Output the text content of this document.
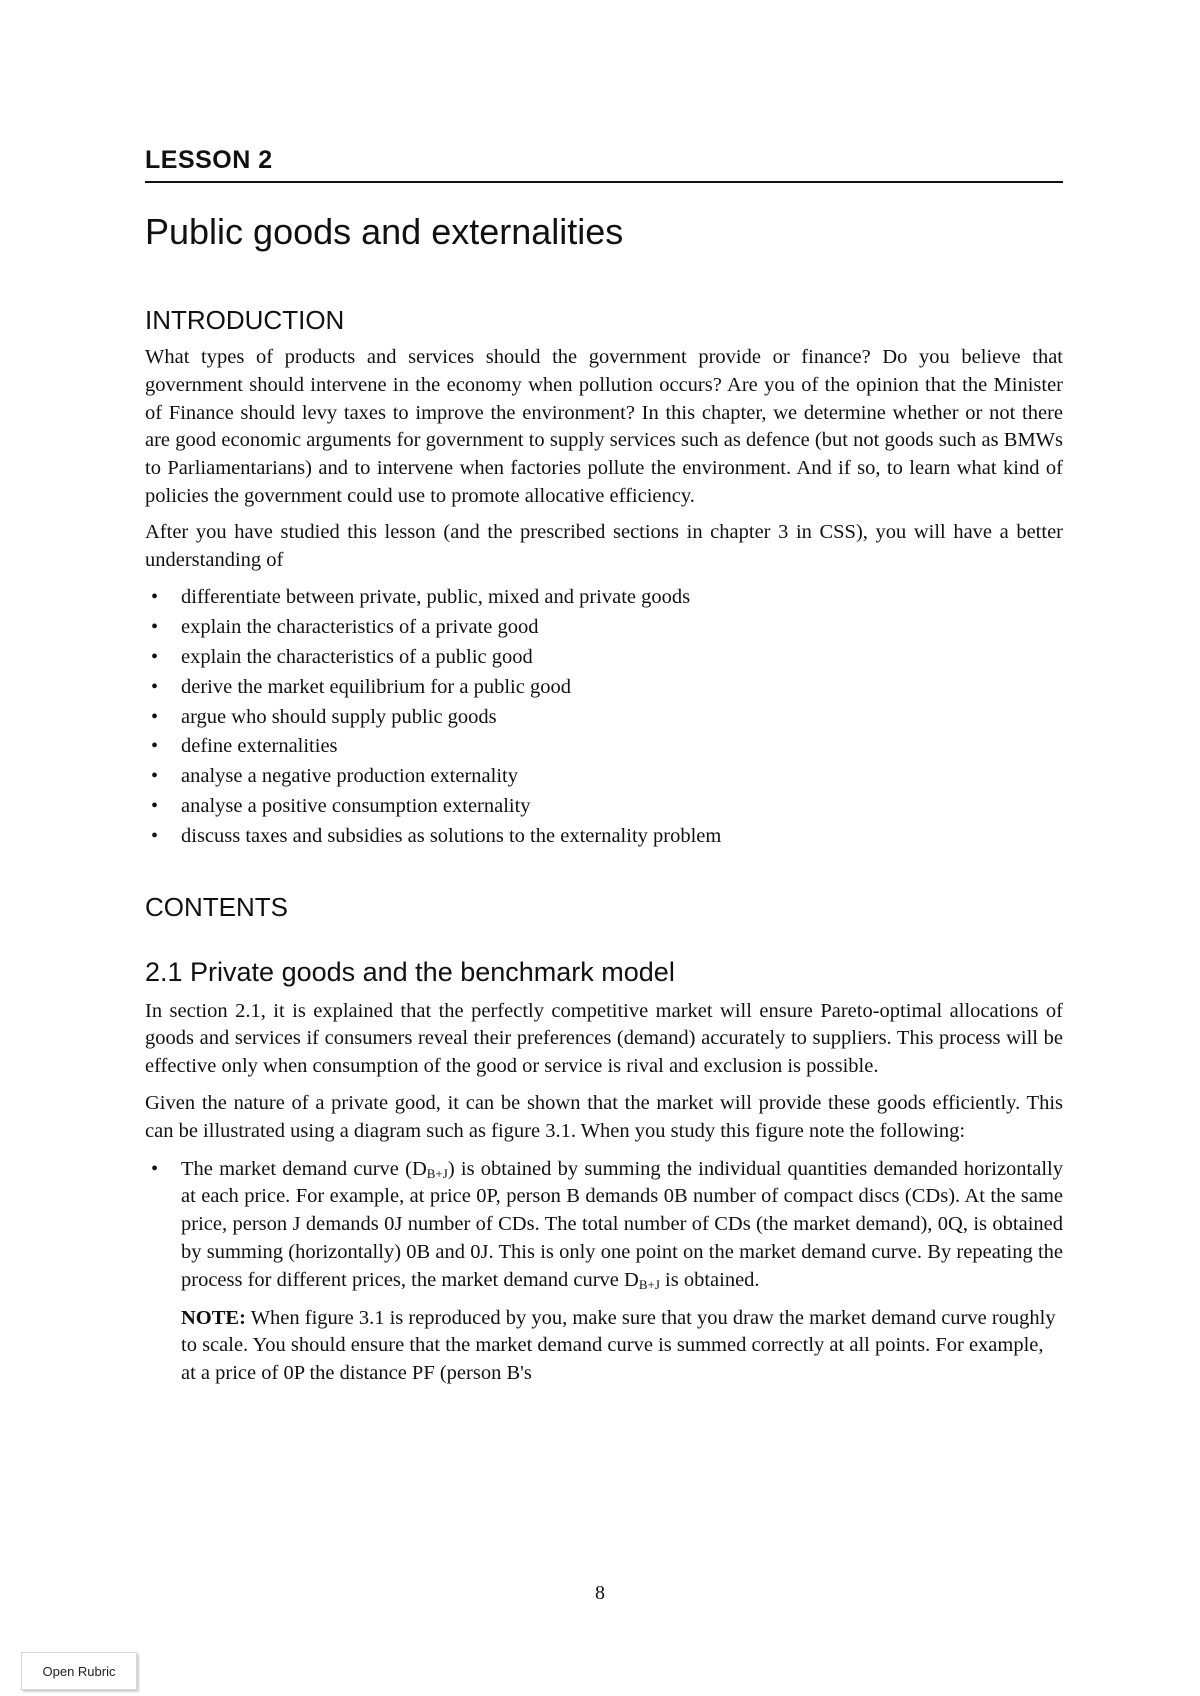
LESSON 2
Public goods and externalities
INTRODUCTION

What types of products and services should the government provide or finance? Do you believe that government should intervene in the economy when pollution occurs? Are you of the opinion that the Minister of Finance should levy taxes to improve the environment? In this chapter, we determine whether or not there are good economic arguments for government to supply services such as defence (but not goods such as BMWs to Parliamentarians) and to intervene when factories pollute the environment. And if so, to learn what kind of policies the government could use to promote allocative efficiency.

After you have studied this lesson (and the prescribed sections in chapter 3 in CSS), you will have a better understanding of

• differentiate between private, public, mixed and private goods
• explain the characteristics of a private good
• explain the characteristics of a public good
• derive the market equilibrium for a public good
• argue who should supply public goods
• define externalities
• analyse a negative production externality
• analyse a positive consumption externality
• discuss taxes and subsidies as solutions to the externality problem
CONTENTS
2.1 Private goods and the benchmark model

In section 2.1, it is explained that the perfectly competitive market will ensure Pareto-optimal allocations of goods and services if consumers reveal their preferences (demand) accurately to suppliers. This process will be effective only when consumption of the good or service is rival and exclusion is possible.

Given the nature of a private good, it can be shown that the market will provide these goods efficiently. This can be illustrated using a diagram such as figure 3.1. When you study this figure note the following:

• The market demand curve $(D_{B+J})$ is obtained by summing the individual quantities demanded horizontally at each price. For example, at price 0P, person B demands 0B number of compact discs (CDs). At the same price, person J demands 0J number of CDs. The total number of CDs (the market demand), 0Q, is obtained by summing (horizontally) 0B and 0J. This is only one point on the market demand curve. By repeating the process for different prices, the market demand curve $D_{B+J}$ is obtained.
NOTE: When figure 3.1 is reproduced by you, make sure that you draw the market demand curve roughly to scale. You should ensure that the market demand curve is summed correctly at all points. For example, at a price of 0P the distance PF (person B's
8
Open Rubric
